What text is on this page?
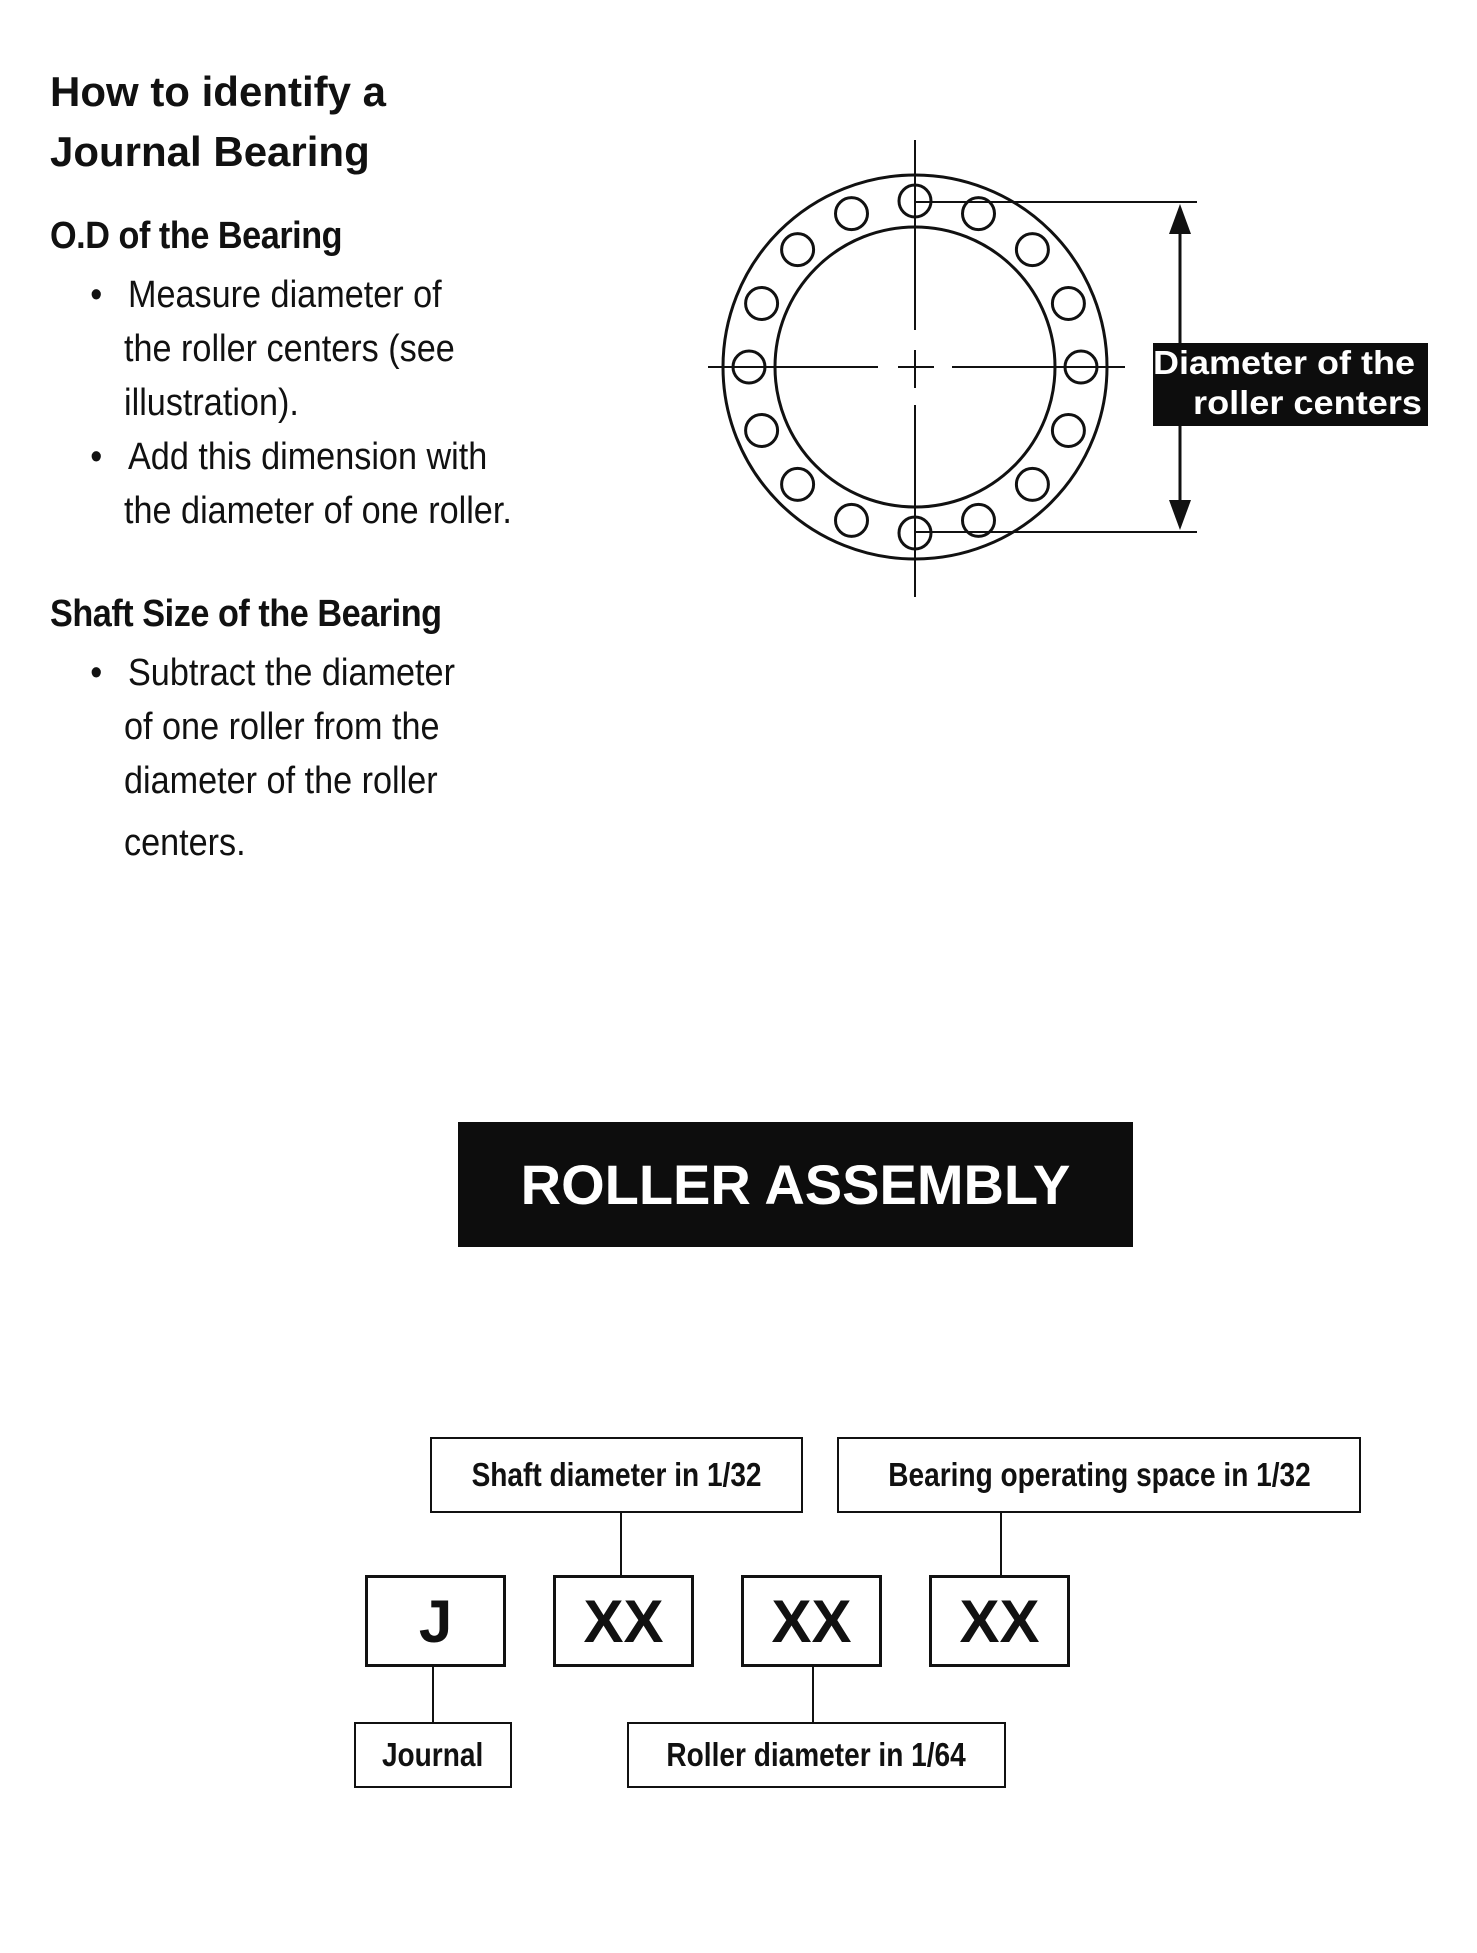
How to identify a
Journal Bearing
O.D of the Bearing
• Measure diameter of
the roller centers (see
illustration).
• Add this dimension with
the diameter of one roller.
Shaft Size of the Bearing
• Subtract the diameter
of one roller from the
diameter of the roller
centers.
Diameter of the
roller centers
ROLLER ASSEMBLY
Shaft diameter in 1/32	Bearing operating space in 1/32
J	XX	XX	XX
Journal	Roller diameter in 1/64
